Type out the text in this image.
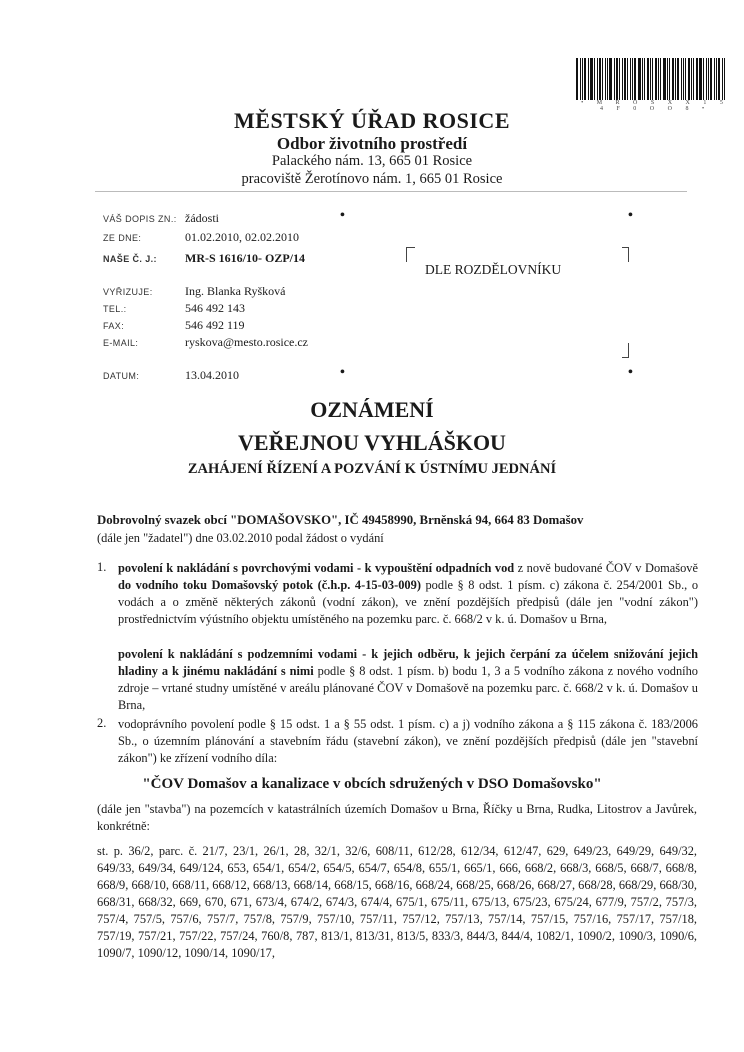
• M Ř O S X X 1 5 4 F 0 O O 8 •
MĚSTSKÝ ÚŘAD ROSICE
Odbor životního prostředí
Palackého nám. 13, 665 01 Rosice
pracoviště Žerotínovo nám. 1, 665 01 Rosice
VÁŠ DOPIS ZN.: žádosti
ZE DNE:	01.02.2010, 02.02.2010
NAŠE Č. J.: MR-S 1616/10- OZP/14
VYŘIZUJE:	Ing. Blanka Ryšková
TEL.:	546 492 143
FAX:	546 492 119
E-MAIL:	ryskova@mesto.rosice.cz
DATUM:	13.04.2010
•	•
•	•
DLE ROZDĚLOVNÍKU
OZNÁMENÍ
VEŘEJNOU VYHLÁŠKOU
ZAHÁJENÍ ŘÍZENÍ A POZVÁNÍ K ÚSTNÍMU JEDNÁNÍ
Dobrovolný svazek obcí "DOMAŠOVSKO", IČ 49458990, Brněnská 94, 664 83 Domašov
(dále jen "žadatel") dne 03.02.2010 podal žádost o vydání
1. povolení k nakládání s povrchovými vodami - k vypouštění odpadních vod z nově budované ČOV v Domašově do vodního toku Domašovský potok (č.h.p. 4-15-03-009) podle § 8 odst. 1 písm. c) zákona č. 254/2001 Sb., o vodách a o změně některých zákonů (vodní zákon), ve znění pozdějších předpisů (dále jen "vodní zákon") prostřednictvím výústního objektu umístěného na pozemku parc. č. 668/2 v k. ú. Domašov u Brna,
povolení k nakládání s podzemními vodami - k jejich odběru, k jejich čerpání za účelem snižování jejich hladiny a k jinému nakládání s nimi podle § 8 odst. 1 písm. b) bodu 1, 3 a 5 vodního zákona z nového vodního zdroje – vrtané studny umístěné v areálu plánované ČOV v Domašově na pozemku parc. č. 668/2 v k. ú. Domašov u Brna,
2. vodoprávního povolení podle § 15 odst. 1 a § 55 odst. 1 písm. c) a j) vodního zákona a § 115 zákona č. 183/2006 Sb., o územním plánování a stavebním řádu (stavební zákon), ve znění pozdějších předpisů (dále jen "stavební zákon") ke zřízení vodního díla:
"ČOV Domašov a kanalizace v obcích sdružených v DSO Domašovsko"
(dále jen "stavba") na pozemcích v katastrálních územích Domašov u Brna, Říčky u Brna, Rudka, Litostrov a Javůrek, konkrétně:
st. p. 36/2, parc. č. 21/7, 23/1, 26/1, 28, 32/1, 32/6, 608/11, 612/28, 612/34, 612/47, 629, 649/23, 649/29, 649/32, 649/33, 649/34, 649/124, 653, 654/1, 654/2, 654/5, 654/7, 654/8, 655/1, 665/1, 666, 668/2, 668/3, 668/5, 668/7, 668/8, 668/9, 668/10, 668/11, 668/12, 668/13, 668/14, 668/15, 668/16, 668/24, 668/25, 668/26, 668/27, 668/28, 668/29, 668/30, 668/31, 668/32, 669, 670, 671, 673/4, 674/2, 674/3, 674/4, 675/1, 675/11, 675/13, 675/23, 675/24, 677/9, 757/2, 757/3, 757/4, 757/5, 757/6, 757/7, 757/8, 757/9, 757/10, 757/11, 757/12, 757/13, 757/14, 757/15, 757/16, 757/17, 757/18, 757/19, 757/21, 757/22, 757/24, 760/8, 787, 813/1, 813/31, 813/5, 833/3, 844/3, 844/4, 1082/1, 1090/2, 1090/3, 1090/6, 1090/7, 1090/12, 1090/14, 1090/17,
